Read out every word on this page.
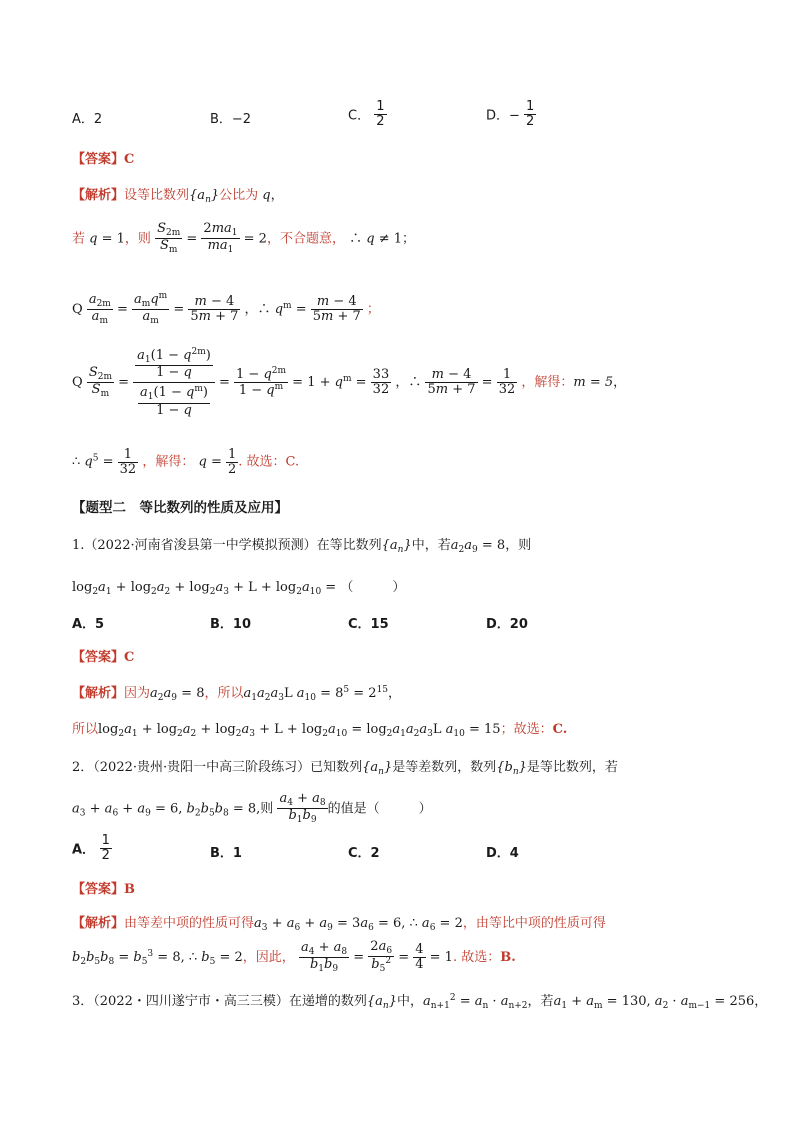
A．2	B．−2	C． $\frac{1}{2}$	D．− $\frac{1}{2}$
【答案】C
【解析】设等比数列$\{a_n\}$公比为 q，
若 q = 1，则 $\frac{S_{2m}}{S_m} = \frac{2ma_1}{ma_1} = 2$，不合题意， ∴ q ≠ 1；
Q $\frac{a_{2m}}{a_m} = \frac{a_mq^m}{a_m} = \frac{m - 4}{5m + 7}$ ，∴ $q^m = \frac{m - 4}{5m + 7}$ ；
Q $\frac{S_{2m}}{S_m} = \frac{\frac{a_1(1 - q^{2m})}{1 - q}}{\frac{a_1(1 - q^m)}{1 - q}} = \frac{1 - q^{2m}}{1 - q^m} = 1 + q^m = \frac{33}{32}$ ，∴ $\frac{m - 4}{5m + 7} = \frac{1}{32}$ ，解得：m = 5，
∴ $q^5 = \frac{1}{32}$ ，解得： $q = \frac{1}{2}$ . 故选：C.
【题型二　等比数列的性质及应用】
1.（2022·河南省浚县第一中学模拟预测）在等比数列$\{a_n\}$中，若$a_2a_9 = 8$，则
$\log_2a_1 + \log_2a_2 + \log_2a_3 + L + \log_2a_{10}$ = （　　　）
A．5	B．10	C．15	D．20
【答案】C
【解析】因为$a_2a_9 = 8$，所以$a_1a_2a_3L$ $a_{10} = 8^5 = 2^{15}$，
所以$\log_2a_1 + \log_2a_2 + \log_2a_3 + L + \log_2a_{10} = \log_2a_1a_2a_3L$ $a_{10} = 15$；故选：C.
2．（2022·贵州·贵阳一中高三阶段练习）已知数列$\{a_n\}$是等差数列，数列$\{b_n\}$是等比数列，若
$a_3 + a_6 + a_9 = 6$, $b_2b_5b_8 = 8$,则 $\frac{a_4 + a_8}{b_1b_9}$ 的值是（　　　）
A． $\frac{1}{2}$	B．1	C．2	D．4
【答案】B
【解析】由等差中项的性质可得$a_3 + a_6 + a_9 = 3a_6 = 6$, ∴ $a_6 = 2$，由等比中项的性质可得
$b_2b_5b_8 = b_5^3 = 8$, ∴ $b_5 = 2$，因此， $\frac{a_4 + a_8}{b_1b_9} = \frac{2a_6}{b_5^2} = \frac{4}{4} = 1$. 故选：B.
3．（2022・四川遂宁市・高三三模）在递增的数列$\{a_n\}$中，$a_{n+1}^2 = a_n \cdot a_{n+2}$，若$a_1 + a_m = 130$, $a_2 \cdot a_{m-1} = 256$，
